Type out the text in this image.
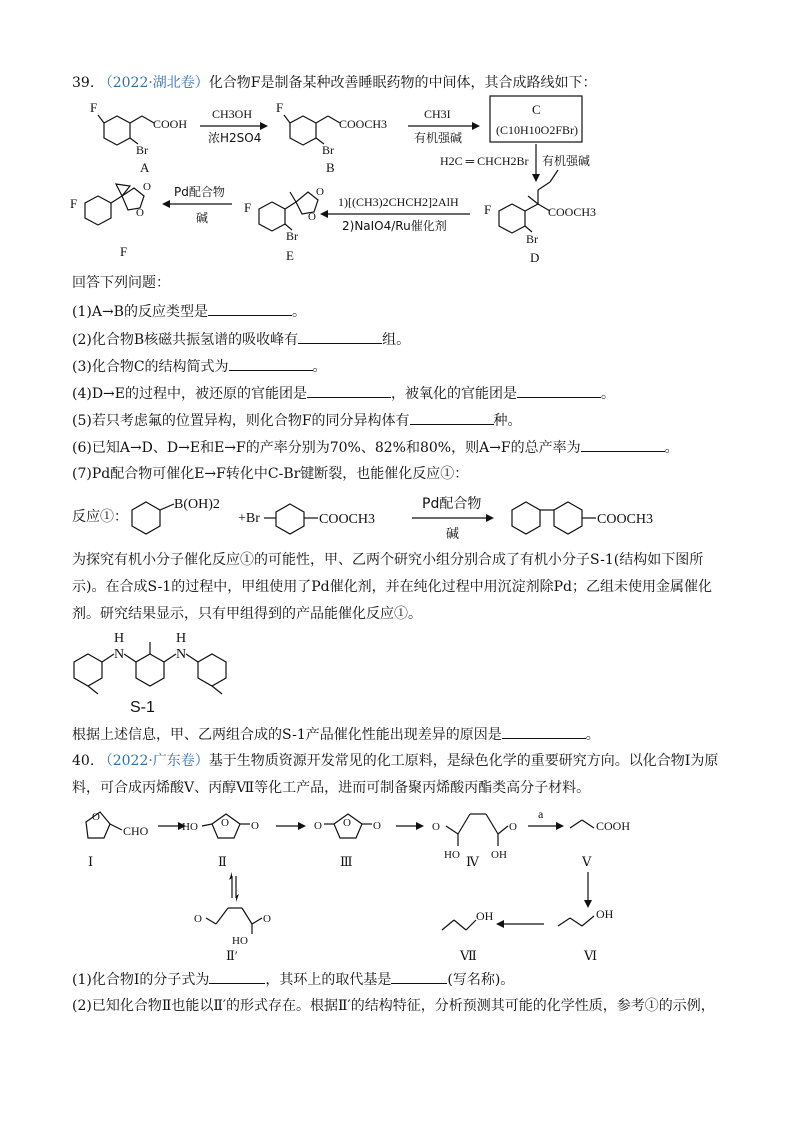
39. （2022·湖北卷）化合物F是制备某种改善睡眠药物的中间体，其合成路线如下：
F
COOH
Br
A
CH3OH
浓H2SO4
F
COOCH3
Br
B
CH3I
有机强碱
C
(C10H10O2FBr)
H2C ═ CHCH2Br 有机强碱
F	COOCH3
Br
D
1)[(CH3)2CHCH2]2AlH
2)NaIO4/Ru催化剂
F
O
O
Br
E
Pd配合物
碱
F
O
O
F
回答下列问题：
(1)A→B的反应类型是	。
(2)化合物B核磁共振氢谱的吸收峰有	组。
(3)化合物C的结构简式为	。
(4)D→E的过程中，被还原的官能团是	，被氧化的官能团是	。
(5)若只考虑氟的位置异构，则化合物F的同分异构体有	种。
(6)已知A→D、D→E和E→F的产率分别为70%、82%和80%，则A→F的总产率为	。
(7)Pd配合物可催化E→F转化中C-Br键断裂，也能催化反应①：
反应①：
B(OH)2
+Br	COOCH3
Pd配合物
碱
COOCH3
为探究有机小分子催化反应①的可能性，甲、乙两个研究小组分别合成了有机小分子S-1(结构如下图所
示)。在合成S-1的过程中，甲组使用了Pd催化剂，并在纯化过程中用沉淀剂除Pd；乙组未使用金属催化
剂。研究结果显示，只有甲组得到的产品能催化反应①。
N
H
N
H
S-1
根据上述信息，甲、乙两组合成的S-1产品催化性能出现差异的原因是	。
40. （2022·广东卷）基于生物质资源开发常见的化工原料，是绿色化学的重要研究方向。以化合物Ⅰ为原
料，可合成丙烯酸Ⅴ、丙醇Ⅶ等化工产品，进而可制备聚丙烯酸丙酯类高分子材料。
O
CHO
Ⅰ
HO O O
Ⅱ
O O O
Ⅲ
O	O
HO	OH
Ⅳ
a
COOH
Ⅴ
OH
Ⅵ
OH
Ⅶ
O	O
HO
Ⅱ′
(1)化合物Ⅰ的分子式为	，其环上的取代基是	(写名称)。
(2)已知化合物Ⅱ也能以Ⅱ′的形式存在。根据Ⅱ′的结构特征，分析预测其可能的化学性质，参考①的示例，
